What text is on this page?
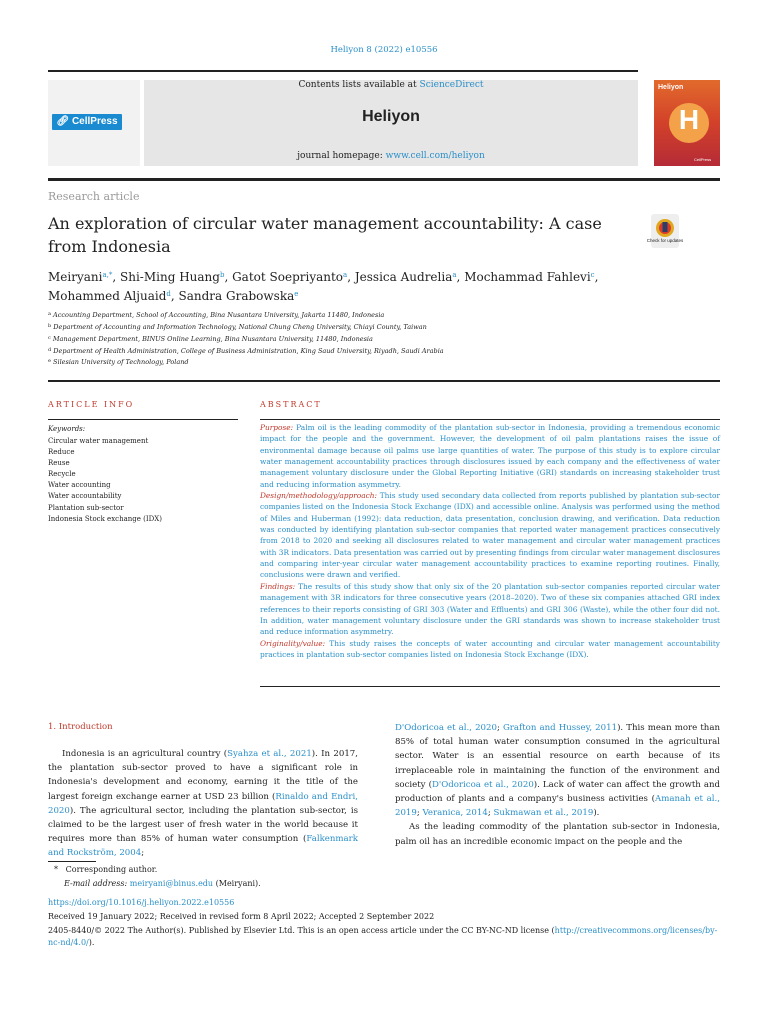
Heliyon 8 (2022) e10556
🔗︎ CellPress
Contents lists available at ScienceDirect
Heliyon
journal homepage: www.cell.com/heliyon
Heliyon
H
CellPress
Research article
An exploration of circular water management accountability: A case from Indonesia	Check for updates
Meiryani$^{a,*}$, Shi-Ming Huang$^b$, Gatot Soepriyanto$^a$, Jessica Audrelia$^a$, Mochammad Fahlevi$^c$,
Mohammed Aljuaid$^d$, Sandra Grabowska$^e$
$^a$ Accounting Department, School of Accounting, Bina Nusantara University, Jakarta 11480, Indonesia
$^b$ Department of Accounting and Information Technology, National Chung Cheng University, Chiayi County, Taiwan
$^c$ Management Department, BINUS Online Learning, Bina Nusantara University, 11480, Indonesia
$^d$ Department of Health Administration, College of Business Administration, King Saud University, Riyadh, Saudi Arabia
$^e$ Silesian University of Technology, Poland
ARTICLE INFO	ABSTRACT
Keywords:
Circular water management
Reduce
Reuse
Recycle
Water accounting
Water accountability
Plantation sub-sector
Indonesia Stock exchange (IDX)
Purpose: Palm oil is the leading commodity of the plantation sub-sector in Indonesia, providing a tremendous economic impact for the people and the government. However, the development of oil palm plantations raises the issue of environmental damage because oil palms use large quantities of water. The purpose of this study is to explore circular water management accountability practices through disclosures issued by each company and the effectiveness of water management voluntary disclosure under the Global Reporting Initiative (GRI) standards on increasing stakeholder trust and reducing information asymmetry.
Design/methodology/approach: This study used secondary data collected from reports published by plantation sub-sector companies listed on the Indonesia Stock Exchange (IDX) and accessible online. Analysis was performed using the method of Miles and Huberman (1992): data reduction, data presentation, conclusion drawing, and verification. Data reduction was conducted by identifying plantation sub-sector companies that reported water management practices consecutively from 2018 to 2020 and seeking all disclosures related to water management and circular water management practices with 3R indicators. Data presentation was carried out by presenting findings from circular water management disclosures and comparing inter-year circular water management accountability practices to examine reporting routines. Finally, conclusions were drawn and verified.
Findings: The results of this study show that only six of the 20 plantation sub-sector companies reported circular water management with 3R indicators for three consecutive years (2018–2020). Two of these six companies attached GRI index references to their reports consisting of GRI 303 (Water and Effluents) and GRI 306 (Waste), while the other four did not. In addition, water management voluntary disclosure under the GRI standards was shown to increase stakeholder trust and reduce information asymmetry.
Originality/value: This study raises the concepts of water accounting and circular water management accountability practices in plantation sub-sector companies listed on Indonesia Stock Exchange (IDX).
1. Introduction

Indonesia is an agricultural country (Syahza et al., 2021). In 2017, the plantation sub-sector proved to have a significant role in Indonesia's development and economy, earning it the title of the largest foreign exchange earner at USD 23 billion (Rinaldo and Endri, 2020). The agricultural sector, including the plantation sub-sector, is claimed to be the largest user of fresh water in the world because it requires more than 85% of human water consumption (Falkenmark and Rockström, 2004;

D'Odoricoa et al., 2020; Grafton and Hussey, 2011). This mean more than 85% of total human water consumption consumed in the agricultural sector. Water is an essential resource on earth because of its irreplaceable role in maintaining the function of the environment and society (D'Odoricoa et al., 2020). Lack of water can affect the growth and production of plants and a company's business activities (Amanah et al., 2019; Veranica, 2014; Sukmawan et al., 2019).

As the leading commodity of the plantation sub-sector in Indonesia, palm oil has an incredible economic impact on the people and the

* Corresponding author.
E-mail address: meiryani@binus.edu (Meiryani).
https://doi.org/10.1016/j.heliyon.2022.e10556
Received 19 January 2022; Received in revised form 8 April 2022; Accepted 2 September 2022
2405-8440/© 2022 The Author(s). Published by Elsevier Ltd. This is an open access article under the CC BY-NC-ND license (http://creativecommons.org/licenses/by-nc-nd/4.0/).
